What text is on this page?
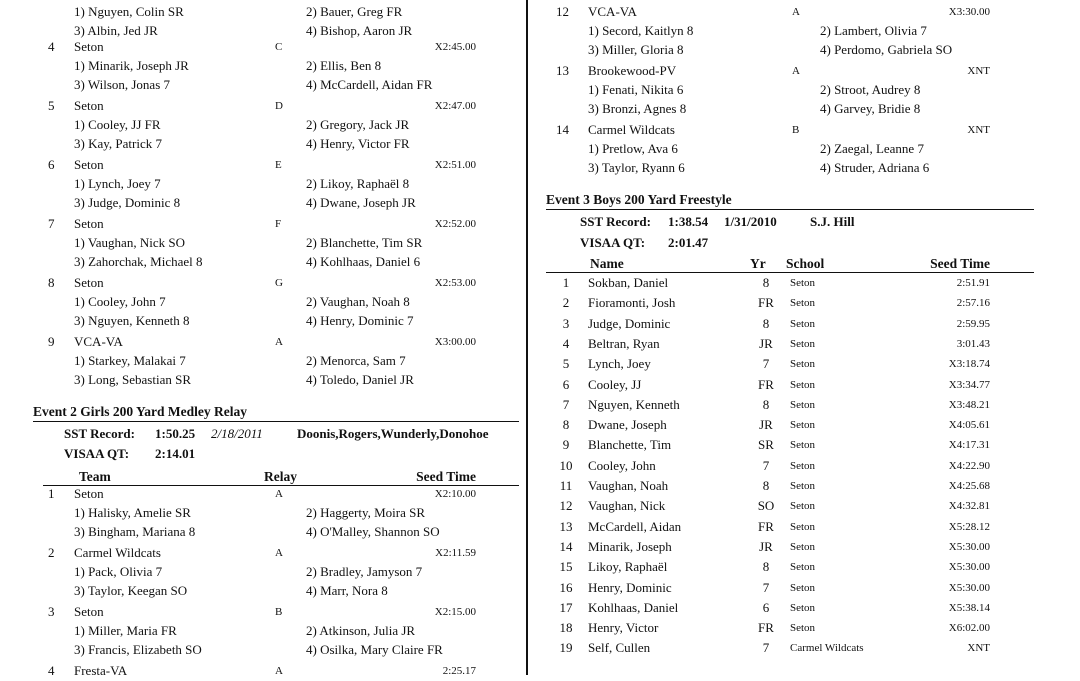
1) Nguyen, Colin SR	2) Bauer, Greg FR
3) Albin, Jed JR	4) Bishop, Aaron JR
4 Seton	C	X2:45.00
1) Minarik, Joseph JR	2) Ellis, Ben 8
3) Wilson, Jonas 7	4) McCardell, Aidan FR
5 Seton	D	X2:47.00
1) Cooley, JJ FR	2) Gregory, Jack JR
3) Kay, Patrick 7	4) Henry, Victor FR
6 Seton	E	X2:51.00
1) Lynch, Joey 7	2) Likoy, Raphaël 8
3) Judge, Dominic 8	4) Dwane, Joseph JR
7 Seton	F	X2:52.00
1) Vaughan, Nick SO	2) Blanchette, Tim SR
3) Zahorchak, Michael 8	4) Kohlhaas, Daniel 6
8 Seton	G	X2:53.00
1) Cooley, John 7	2) Vaughan, Noah 8
3) Nguyen, Kenneth 8	4) Henry, Dominic 7
9 VCA-VA	A	X3:00.00
1) Starkey, Malakai 7	2) Menorca, Sam 7
3) Long, Sebastian SR	4) Toledo, Daniel JR
Event 2 Girls 200 Yard Medley Relay
SST Record: 1:50.25 2/18/2011	Doonis,Rogers,Wunderly,Donohoe
VISAA QT: 2:14.01
Team	Relay	Seed Time
1 Seton	A	X2:10.00
1) Halisky, Amelie SR	2) Haggerty, Moira SR
3) Bingham, Mariana 8	4) O'Malley, Shannon SO
2 Carmel Wildcats	A	X2:11.59
1) Pack, Olivia 7	2) Bradley, Jamyson 7
3) Taylor, Keegan SO	4) Marr, Nora 8
3 Seton	B	X2:15.00
1) Miller, Maria FR	2) Atkinson, Julia JR
3) Francis, Elizabeth SO	4) Osilka, Mary Claire FR
4 Fresta-VA	A	2:25.17
12 VCA-VA	A	X3:30.00
1) Secord, Kaitlyn 8	2) Lambert, Olivia 7
3) Miller, Gloria 8	4) Perdomo, Gabriela SO
13 Brookewood-PV	A	XNT
1) Fenati, Nikita 6	2) Stroot, Audrey 8
3) Bronzi, Agnes 8	4) Garvey, Bridie 8
14 Carmel Wildcats	B	XNT
1) Pretlow, Ava 6	2) Zaegal, Leanne 7
3) Taylor, Ryann 6	4) Struder, Adriana 6
Event 3 Boys 200 Yard Freestyle
SST Record: 1:38.54 1/31/2010	S.J. Hill
VISAA QT: 2:01.47
Name	Yr School	Seed Time
1	Sokban, Daniel	8	Seton	2:51.91
2	Fioramonti, Josh	FR	Seton	2:57.16
3	Judge, Dominic	8	Seton	2:59.95
4	Beltran, Ryan	JR	Seton	3:01.43
5	Lynch, Joey	7	Seton	X3:18.74
6	Cooley, JJ	FR	Seton	X3:34.77
7	Nguyen, Kenneth	8	Seton	X3:48.21
8	Dwane, Joseph	JR	Seton	X4:05.61
9	Blanchette, Tim	SR	Seton	X4:17.31
10	Cooley, John	7	Seton	X4:22.90
11	Vaughan, Noah	8	Seton	X4:25.68
12	Vaughan, Nick	SO	Seton	X4:32.81
13	McCardell, Aidan	FR	Seton	X5:28.12
14	Minarik, Joseph	JR	Seton	X5:30.00
15	Likoy, Raphaël	8	Seton	X5:30.00
16	Henry, Dominic	7	Seton	X5:30.00
17	Kohlhaas, Daniel	6	Seton	X5:38.14
18	Henry, Victor	FR	Seton	X6:02.00
19	Self, Cullen	7	Carmel Wildcats	XNT
